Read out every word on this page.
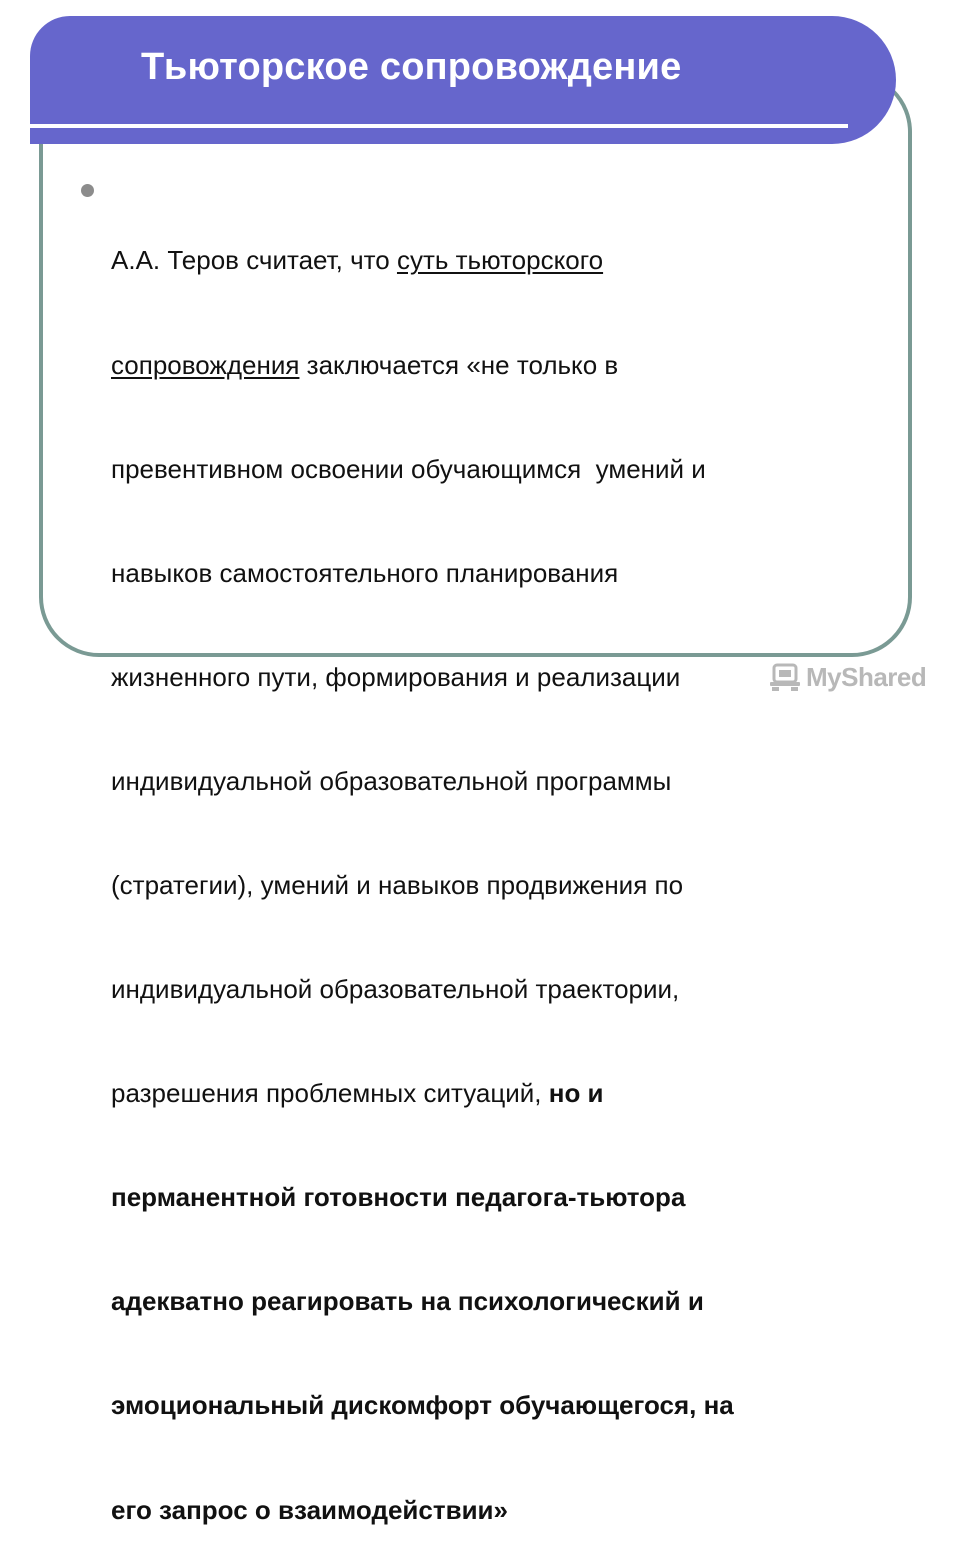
Тьюторское сопровождение

А.А. Теров считает, что суть тьюторского

сопровождения заключается «не только в

превентивном освоении обучающимся  умений и

навыков самостоятельного планирования

жизненного пути, формирования и реализации

индивидуальной образовательной программы

(стратегии), умений и навыков продвижения по

индивидуальной образовательной траектории,

разрешения проблемных ситуаций, но и

перманентной готовности педагога-тьютора

адекватно реагировать на психологический и

эмоциональный дискомфорт обучающегося, на

его запрос о взаимодействии»

MyShared
